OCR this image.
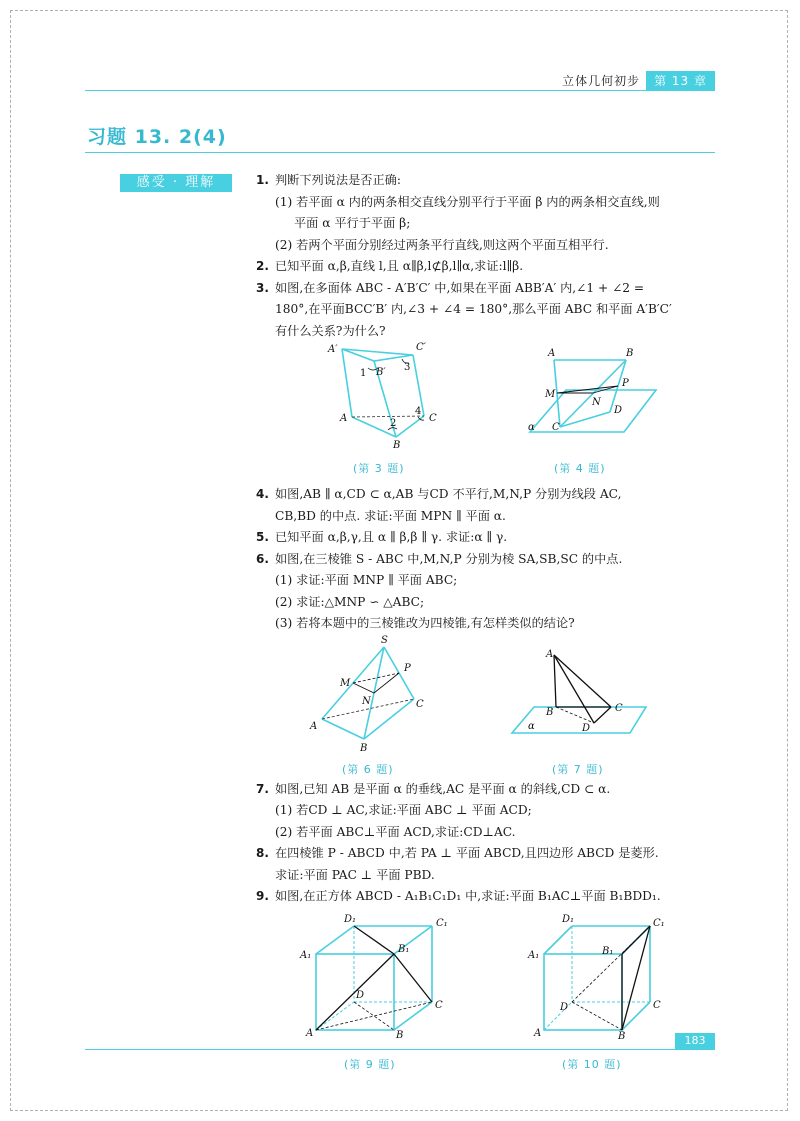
立体几何初步	第 13 章
习题 13. 2(4)
感受 · 理解	1. 判断下列说法是否正确:
(1) 若平面 α 内的两条相交直线分别平行于平面 β 内的两条相交直线,则
平面 α 平行于平面 β;
(2) 若两个平面分别经过两条平行直线,则这两个平面互相平行.
2. 已知平面 α,β,直线 l,且 α∥β,l⊄β,l∥α,求证:l∥β.
3. 如图,在多面体 ABC - A′B′C′ 中,如果在平面 ABB′A′ 内,∠1 + ∠2 =
180°,在平面BCC′B′ 内,∠3 + ∠4 = 180°,那么平面 ABC 和平面 A′B′C′
有什么关系?为什么?
A′	C′
B′
1
3
A	2
4
C
B
(第 3 题)
A	B
M
P
N
D
α C
(第 4 题)
4. 如图,AB ∥ α,CD ⊂ α,AB 与CD 不平行,M,N,P 分别为线段 AC,
CB,BD 的中点. 求证:平面 MPN ∥ 平面 α.
5. 已知平面 α,β,γ,且 α ∥ β,β ∥ γ. 求证:α ∥ γ.
6. 如图,在三棱锥 S - ABC 中,M,N,P 分别为棱 SA,SB,SC 的中点.
(1) 求证:平面 MNP ∥ 平面 ABC;
(2) 求证:△MNP ∽ △ABC;
(3) 若将本题中的三棱锥改为四棱锥,有怎样类似的结论?
S
M
P
N	C
A
B
(第 6 题)
A
B	C
α	D
(第 7 题)
7. 如图,已知 AB 是平面 α 的垂线,AC 是平面 α 的斜线,CD ⊂ α.
(1) 若CD ⊥ AC,求证:平面 ABC ⊥ 平面 ACD;
(2) 若平面 ABC⊥平面 ACD,求证:CD⊥AC.
8. 在四棱锥 P - ABCD 中,若 PA ⊥ 平面 ABCD,且四边形 ABCD 是菱形.
求证:平面 PAC ⊥ 平面 PBD.
9. 如图,在正方体 ABCD - A₁B₁C₁D₁ 中,求证:平面 B₁AC⊥平面 B₁BDD₁.
D₁	C₁
A₁
B₁
D
C
A	B
(第 9 题)
D₁	C₁
A₁	B₁
D	C
A	B
(第 10 题)
183
